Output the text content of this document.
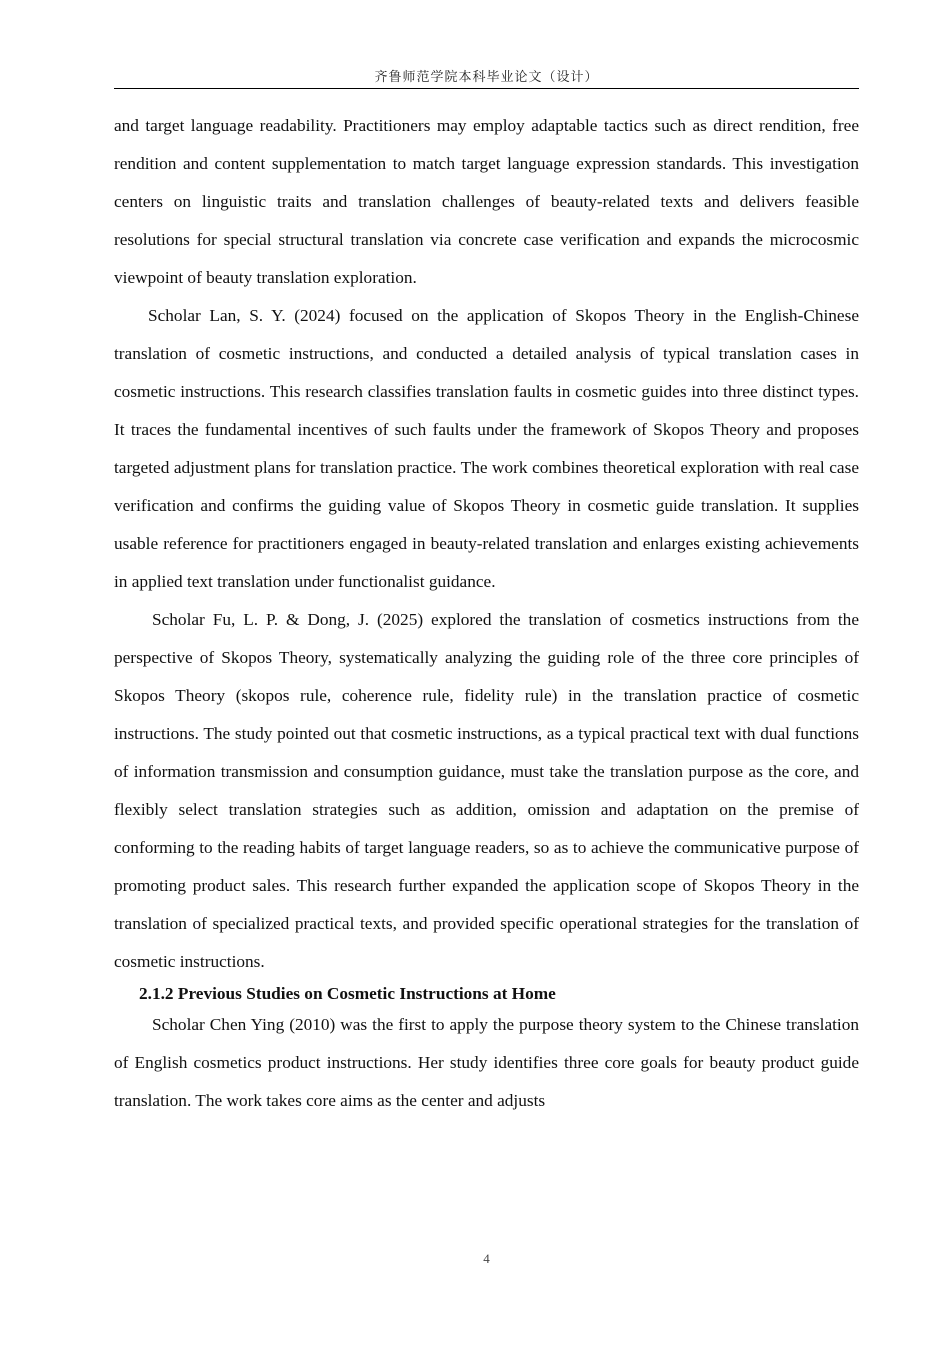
齐鲁师范学院本科毕业论文（设计）

and target language readability. Practitioners may employ adaptable tactics such as direct rendition, free rendition and content supplementation to match target language expression standards. This investigation centers on linguistic traits and translation challenges of beauty-related texts and delivers feasible resolutions for special structural translation via concrete case verification and expands the microcosmic viewpoint of beauty translation exploration.

Scholar Lan, S. Y. (2024) focused on the application of Skopos Theory in the English-Chinese translation of cosmetic instructions, and conducted a detailed analysis of typical translation cases in cosmetic instructions. This research classifies translation faults in cosmetic guides into three distinct types. It traces the fundamental incentives of such faults under the framework of Skopos Theory and proposes targeted adjustment plans for translation practice. The work combines theoretical exploration with real case verification and confirms the guiding value of Skopos Theory in cosmetic guide translation. It supplies usable reference for practitioners engaged in beauty-related translation and enlarges existing achievements in applied text translation under functionalist guidance.

Scholar Fu, L. P. & Dong, J. (2025) explored the translation of cosmetics instructions from the perspective of Skopos Theory, systematically analyzing the guiding role of the three core principles of Skopos Theory (skopos rule, coherence rule, fidelity rule) in the translation practice of cosmetic instructions. The study pointed out that cosmetic instructions, as a typical practical text with dual functions of information transmission and consumption guidance, must take the translation purpose as the core, and flexibly select translation strategies such as addition, omission and adaptation on the premise of conforming to the reading habits of target language readers, so as to achieve the communicative purpose of promoting product sales. This research further expanded the application scope of Skopos Theory in the translation of specialized practical texts, and provided specific operational strategies for the translation of cosmetic instructions.

2.1.2 Previous Studies on Cosmetic Instructions at Home

Scholar Chen Ying (2010) was the first to apply the purpose theory system to the Chinese translation of English cosmetics product instructions. Her study identifies three core goals for beauty product guide translation. The work takes core aims as the center and adjusts

4
